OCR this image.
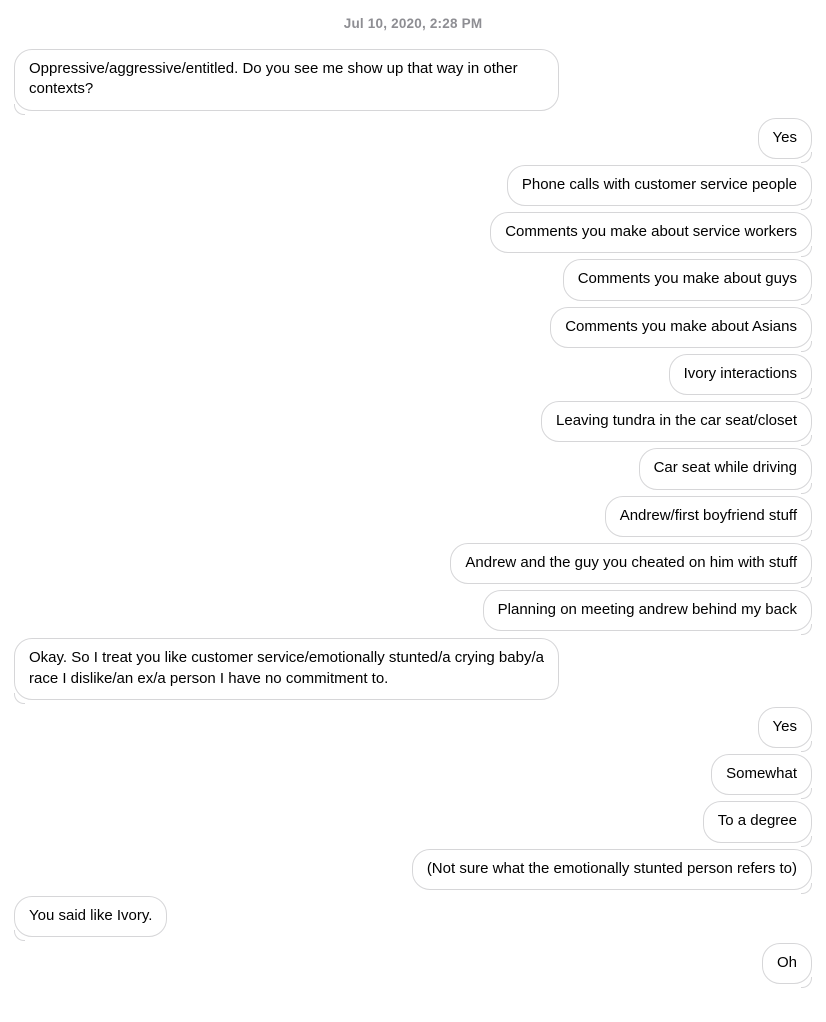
Jul 10, 2020, 2:28 PM
Oppressive/aggressive/entitled. Do you see me show up that way in other contexts?
Yes
Phone calls with customer service people
Comments you make about service workers
Comments you make about guys
Comments you make about Asians
Ivory interactions
Leaving tundra in the car seat/closet
Car seat while driving
Andrew/first boyfriend stuff
Andrew and the guy you cheated on him with stuff
Planning on meeting andrew behind my back
Okay. So I treat you like customer service/emotionally stunted/a crying baby/a race I dislike/an ex/a person I have no commitment to.
Yes
Somewhat
To a degree
(Not sure what the emotionally stunted person refers to)
You said like Ivory.
Oh
